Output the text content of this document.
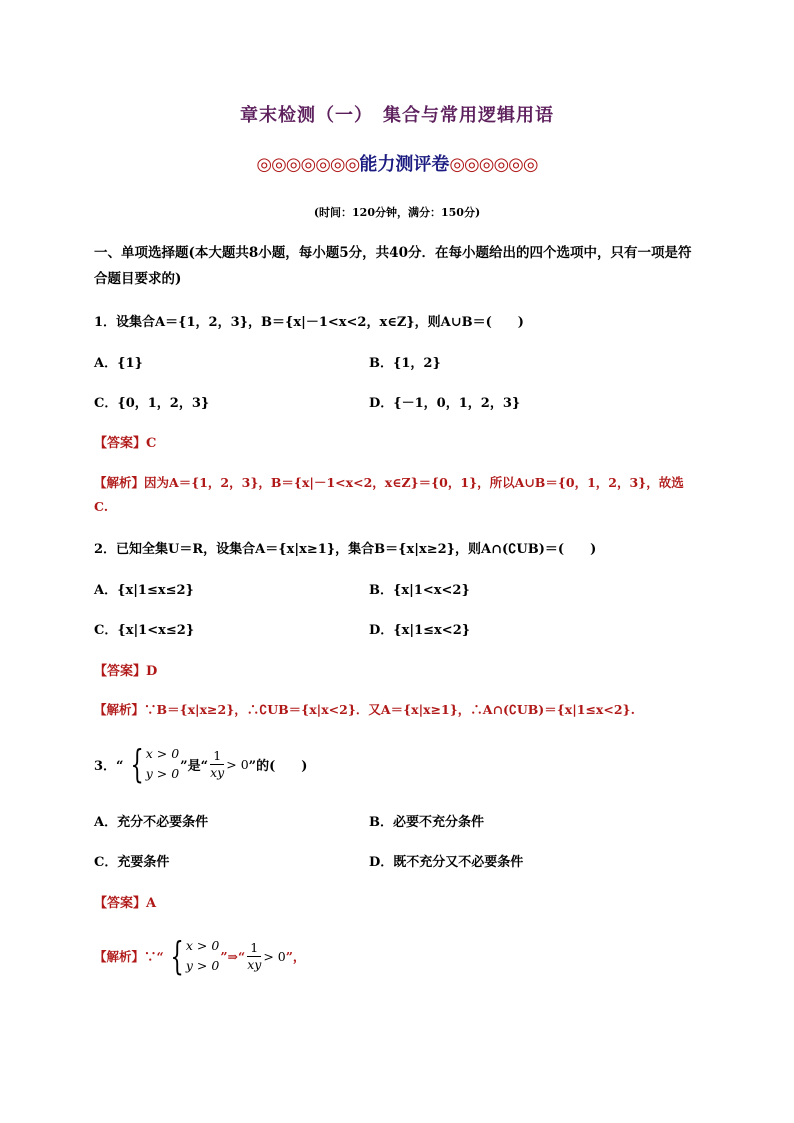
章末检测（一）　集合与常用逻辑用语
◎◎◎◎◎◎◎能力测评卷◎◎◎◎◎◎
(时间：120分钟，满分：150分)
一、单项选择题(本大题共8小题，每小题5分，共40分．在每小题给出的四个选项中，只有一项是符合题目要求的)
1．设集合A＝{1，2，3}，B＝{x|－1<x<2，x∈Z}，则A∪B＝(　　)
A．{1}	B．{1，2}
C．{0，1，2，3}	D．{－1，0，1，2，3}
【答案】C
【解析】因为A＝{1，2，3}，B＝{x|－1<x<2，x∈Z}＝{0，1}，所以A∪B＝{0，1，2，3}，故选
C.
2．已知全集U＝R，设集合A＝{x|x≥1}，集合B＝{x|x≥2}，则A∩(∁UB)＝(　　)
A．{x|1≤x≤2}	B．{x|1<x<2}
C．{x|1<x≤2}	D．{x|1≤x<2}
【答案】D
【解析】∵B＝{x|x≥2}，∴∁UB＝{x|x<2}．又A＝{x|x≥1}，∴A∩(∁UB)＝{x|1≤x<2}.
3．“ { x > 0
y > 0 ”是“ $\frac{1}{xy} > 0$ ”的(　　)
A．充分不必要条件	B．必要不充分条件
C．充要条件	D．既不充分又不必要条件
【答案】A
【解析】∵“ { x > 0
y > 0
”⇒“ $\frac{1}{xy} > 0$ ”，
